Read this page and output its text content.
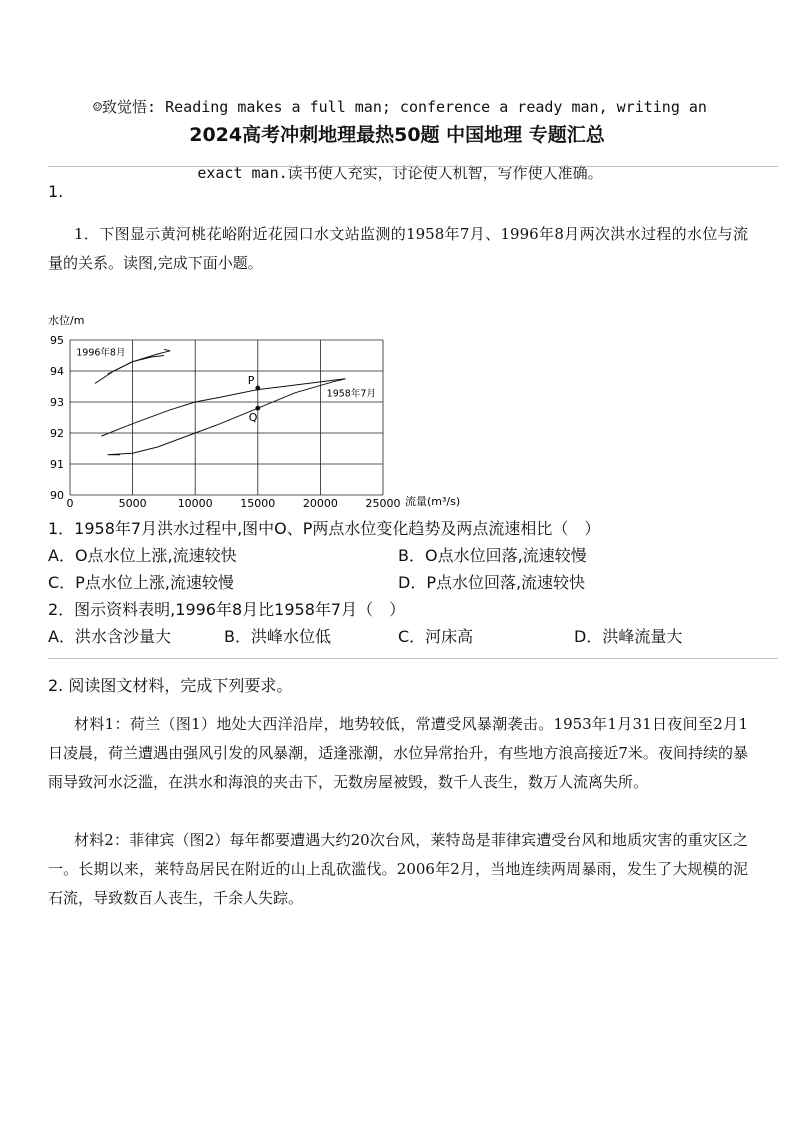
☺致觉悟: Reading makes a full man; conference a ready man, writing an

exact man.读书使人充实，讨论使人机智，写作使人准确。

2024高考冲刺地理最热50题 中国地理 专题汇总
1.
1．下图显示黄河桃花峪附近花园口水文站监测的1958年7月、1996年8月两次洪水过程的水位与流量的关系。读图,完成下面小题。
0	5000	10000	15000	20000	25000
90
91
92
93
94
95
1996年8月
1958年7月
P
Q
水位/m
流量(m³/s)
1．1958年7月洪水过程中,图中O、P两点水位变化趋势及两点流速相比（　）
A．O点水位上涨,流速较快	B．O点水位回落,流速较慢
C．P点水位上涨,流速较慢	D．P点水位回落,流速较快
2．图示资料表明,1996年8月比1958年7月（　）
A．洪水含沙量大	B．洪峰水位低	C．河床高	D．洪峰流量大
2. 阅读图文材料，完成下列要求。
材料1：荷兰（图1）地处大西洋沿岸，地势较低，常遭受风暴潮袭击。1953年1月31日夜间至2月1日凌晨，荷兰遭遇由强风引发的风暴潮，适逢涨潮，水位异常抬升，有些地方浪高接近7米。夜间持续的暴雨导致河水泛滥，在洪水和海浪的夹击下，无数房屋被毁，数千人丧生，数万人流离失所。
材料2：菲律宾（图2）每年都要遭遇大约20次台风，莱特岛是菲律宾遭受台风和地质灾害的重灾区之一。长期以来，莱特岛居民在附近的山上乱砍滥伐。2006年2月，当地连续两周暴雨，发生了大规模的泥石流，导致数百人丧生，千余人失踪。
